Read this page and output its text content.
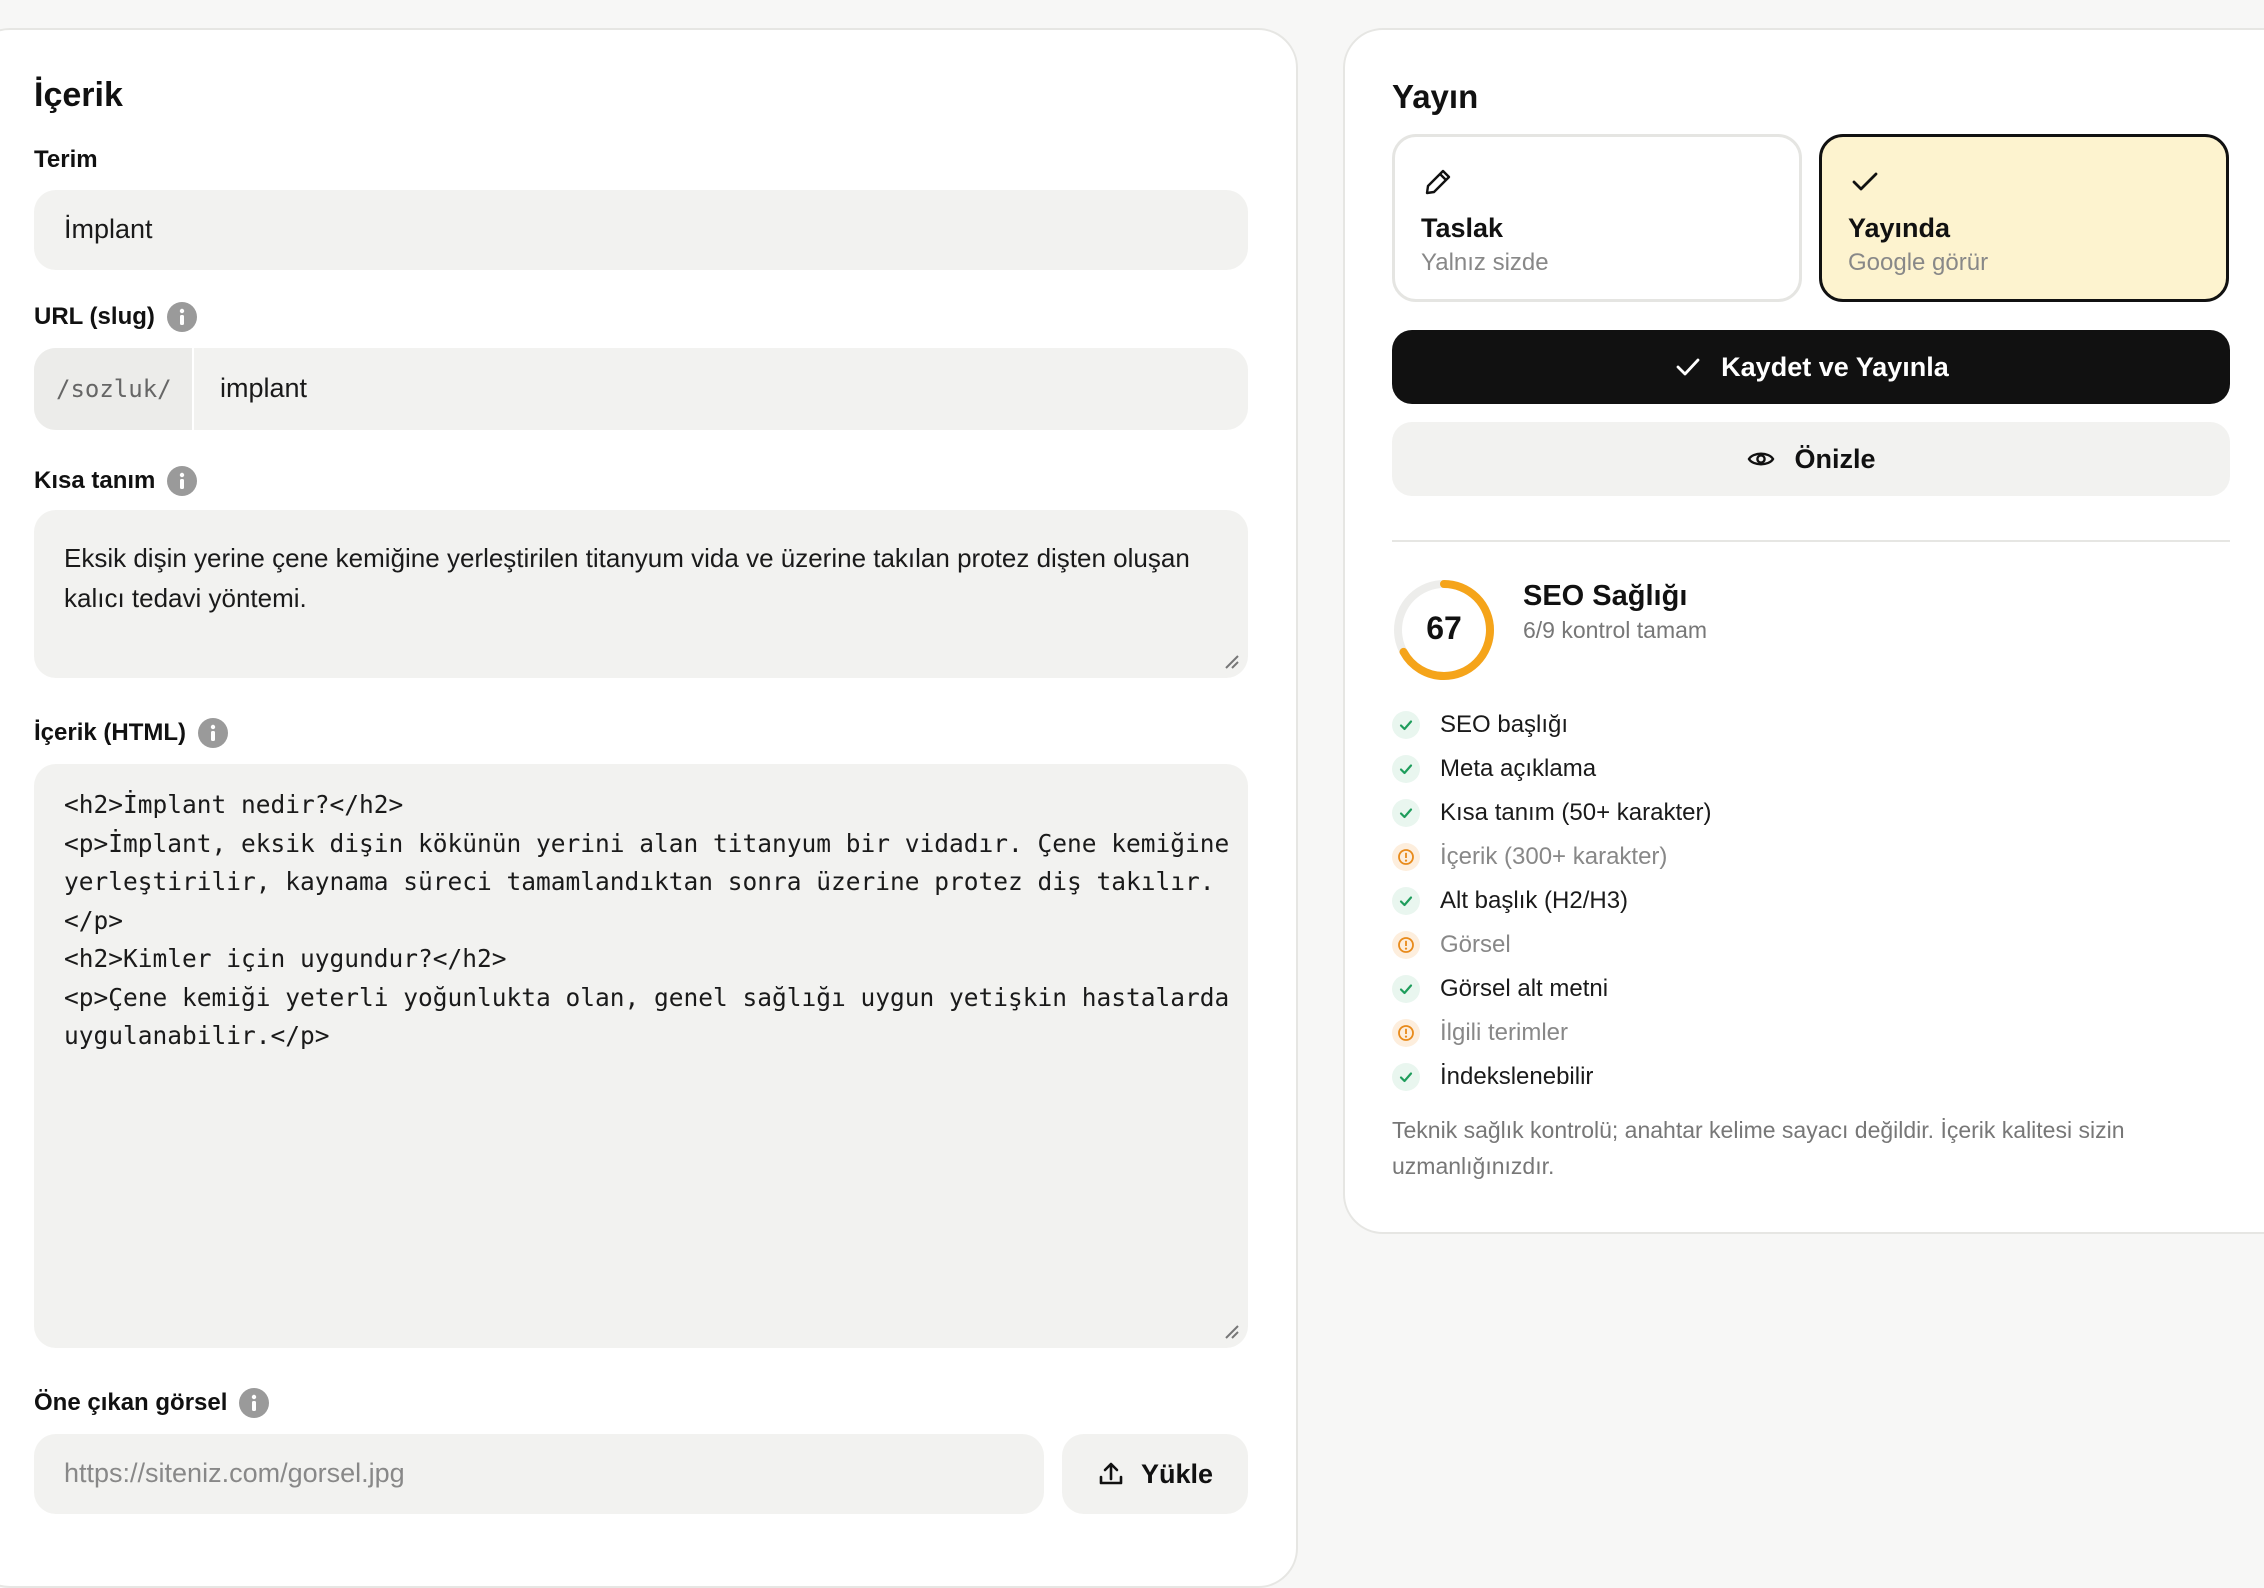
İçerik
Terim
İmplant
URL (slug)
/sozluk/	implant
Kısa tanım
Eksik dişin yerine çene kemiğine yerleştirilen titanyum vida ve üzerine takılan protez dişten oluşan kalıcı tedavi yöntemi.
İçerik (HTML)
<h2>İmplant nedir?</h2>
<p>İmplant, eksik dişin kökünün yerini alan titanyum bir vidadır. Çene kemiğine
yerleştirilir, kaynama süreci tamamlandıktan sonra üzerine protez diş takılır.
</p>
<h2>Kimler için uygundur?</h2>
<p>Çene kemiği yeterli yoğunlukta olan, genel sağlığı uygun yetişkin hastalarda
uygulanabilir.</p>
Öne çıkan görsel
https://siteniz.com/gorsel.jpg	Yükle
Yayın
Taslak
Yalnız sizde
Yayında
Google görür
Kaydet ve Yayınla
Önizle
67
SEO Sağlığı
6/9 kontrol tamam
SEO başlığı
Meta açıklama
Kısa tanım (50+ karakter)
İçerik (300+ karakter)
Alt başlık (H2/H3)
Görsel
Görsel alt metni
İlgili terimler
İndekslenebilir
Teknik sağlık kontrolü; anahtar kelime sayacı değildir. İçerik kalitesi sizin uzmanlığınızdır.
